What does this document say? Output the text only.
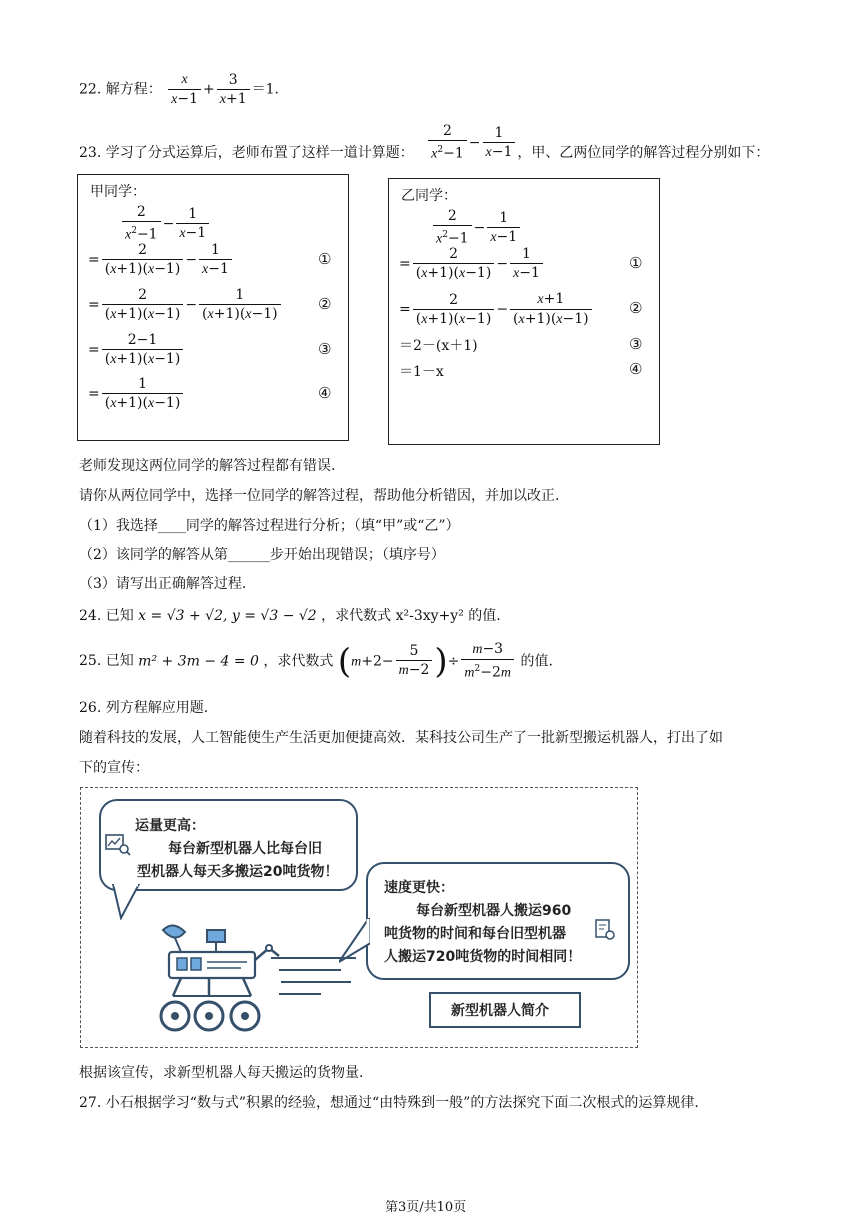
22. 解方程： $\frac{x}{x-1} + \frac{3}{x+1} =1$.
23. 学习了分式运算后，老师布置了这样一道计算题： $\frac{2}{x^2-1} - \frac{1}{x-1}$ ，甲、乙两位同学的解答过程分别如下：
甲同学：
$\frac{2}{x^2-1} - \frac{1}{x-1}$
= $\frac{2}{(x+1)(x-1)} - \frac{1}{x-1}$	①
= $\frac{2}{(x+1)(x-1)} - \frac{1}{(x+1)(x-1)}$ ②
= $\frac{2-1}{(x+1)(x-1)}$	③
= $\frac{1}{(x+1)(x-1)}$	④
乙同学：
$\frac{2}{x^2-1} - \frac{1}{x-1}$
= $\frac{2}{(x+1)(x-1)} - \frac{1}{x-1}$	①
= $\frac{2}{(x+1)(x-1)} - \frac{x+1}{(x+1)(x-1)}$ ②
＝2－(x＋1)	③
＝1－x	④
老师发现这两位同学的解答过程都有错误.
请你从两位同学中，选择一位同学的解答过程，帮助他分析错因，并加以改正.
（1）我选择____同学的解答过程进行分析；（填“甲”或“乙”）
（2）该同学的解答从第______步开始出现错误；（填序号）
（3）请写出正确解答过程.
24. 已知 x = √3 + √2, y = √3 − √2 ，求代数式 x²-3xy+y² 的值.
25. 已知 m² + 3m − 4 = 0 ，求代数式 ($m+2- \frac{5}{m-2}$ )÷ $\frac{m-3}{m^2-2m}$ 的值.
26. 列方程解应用题.
随着科技的发展，人工智能使生产生活更加便捷高效．某科技公司生产了一批新型搬运机器人，打出了如
下的宣传：
运量更高：
每台新型机器人比每台旧
型机器人每天多搬运20吨货物！
速度更快：
每台新型机器人搬运960
吨货物的时间和每台旧型机器
人搬运720吨货物的时间相同！
新型机器人简介
根据该宣传，求新型机器人每天搬运的货物量.
27. 小石根据学习“数与式”积累的经验，想通过“由特殊到一般”的方法探究下面二次根式的运算规律.
第3页/共10页
